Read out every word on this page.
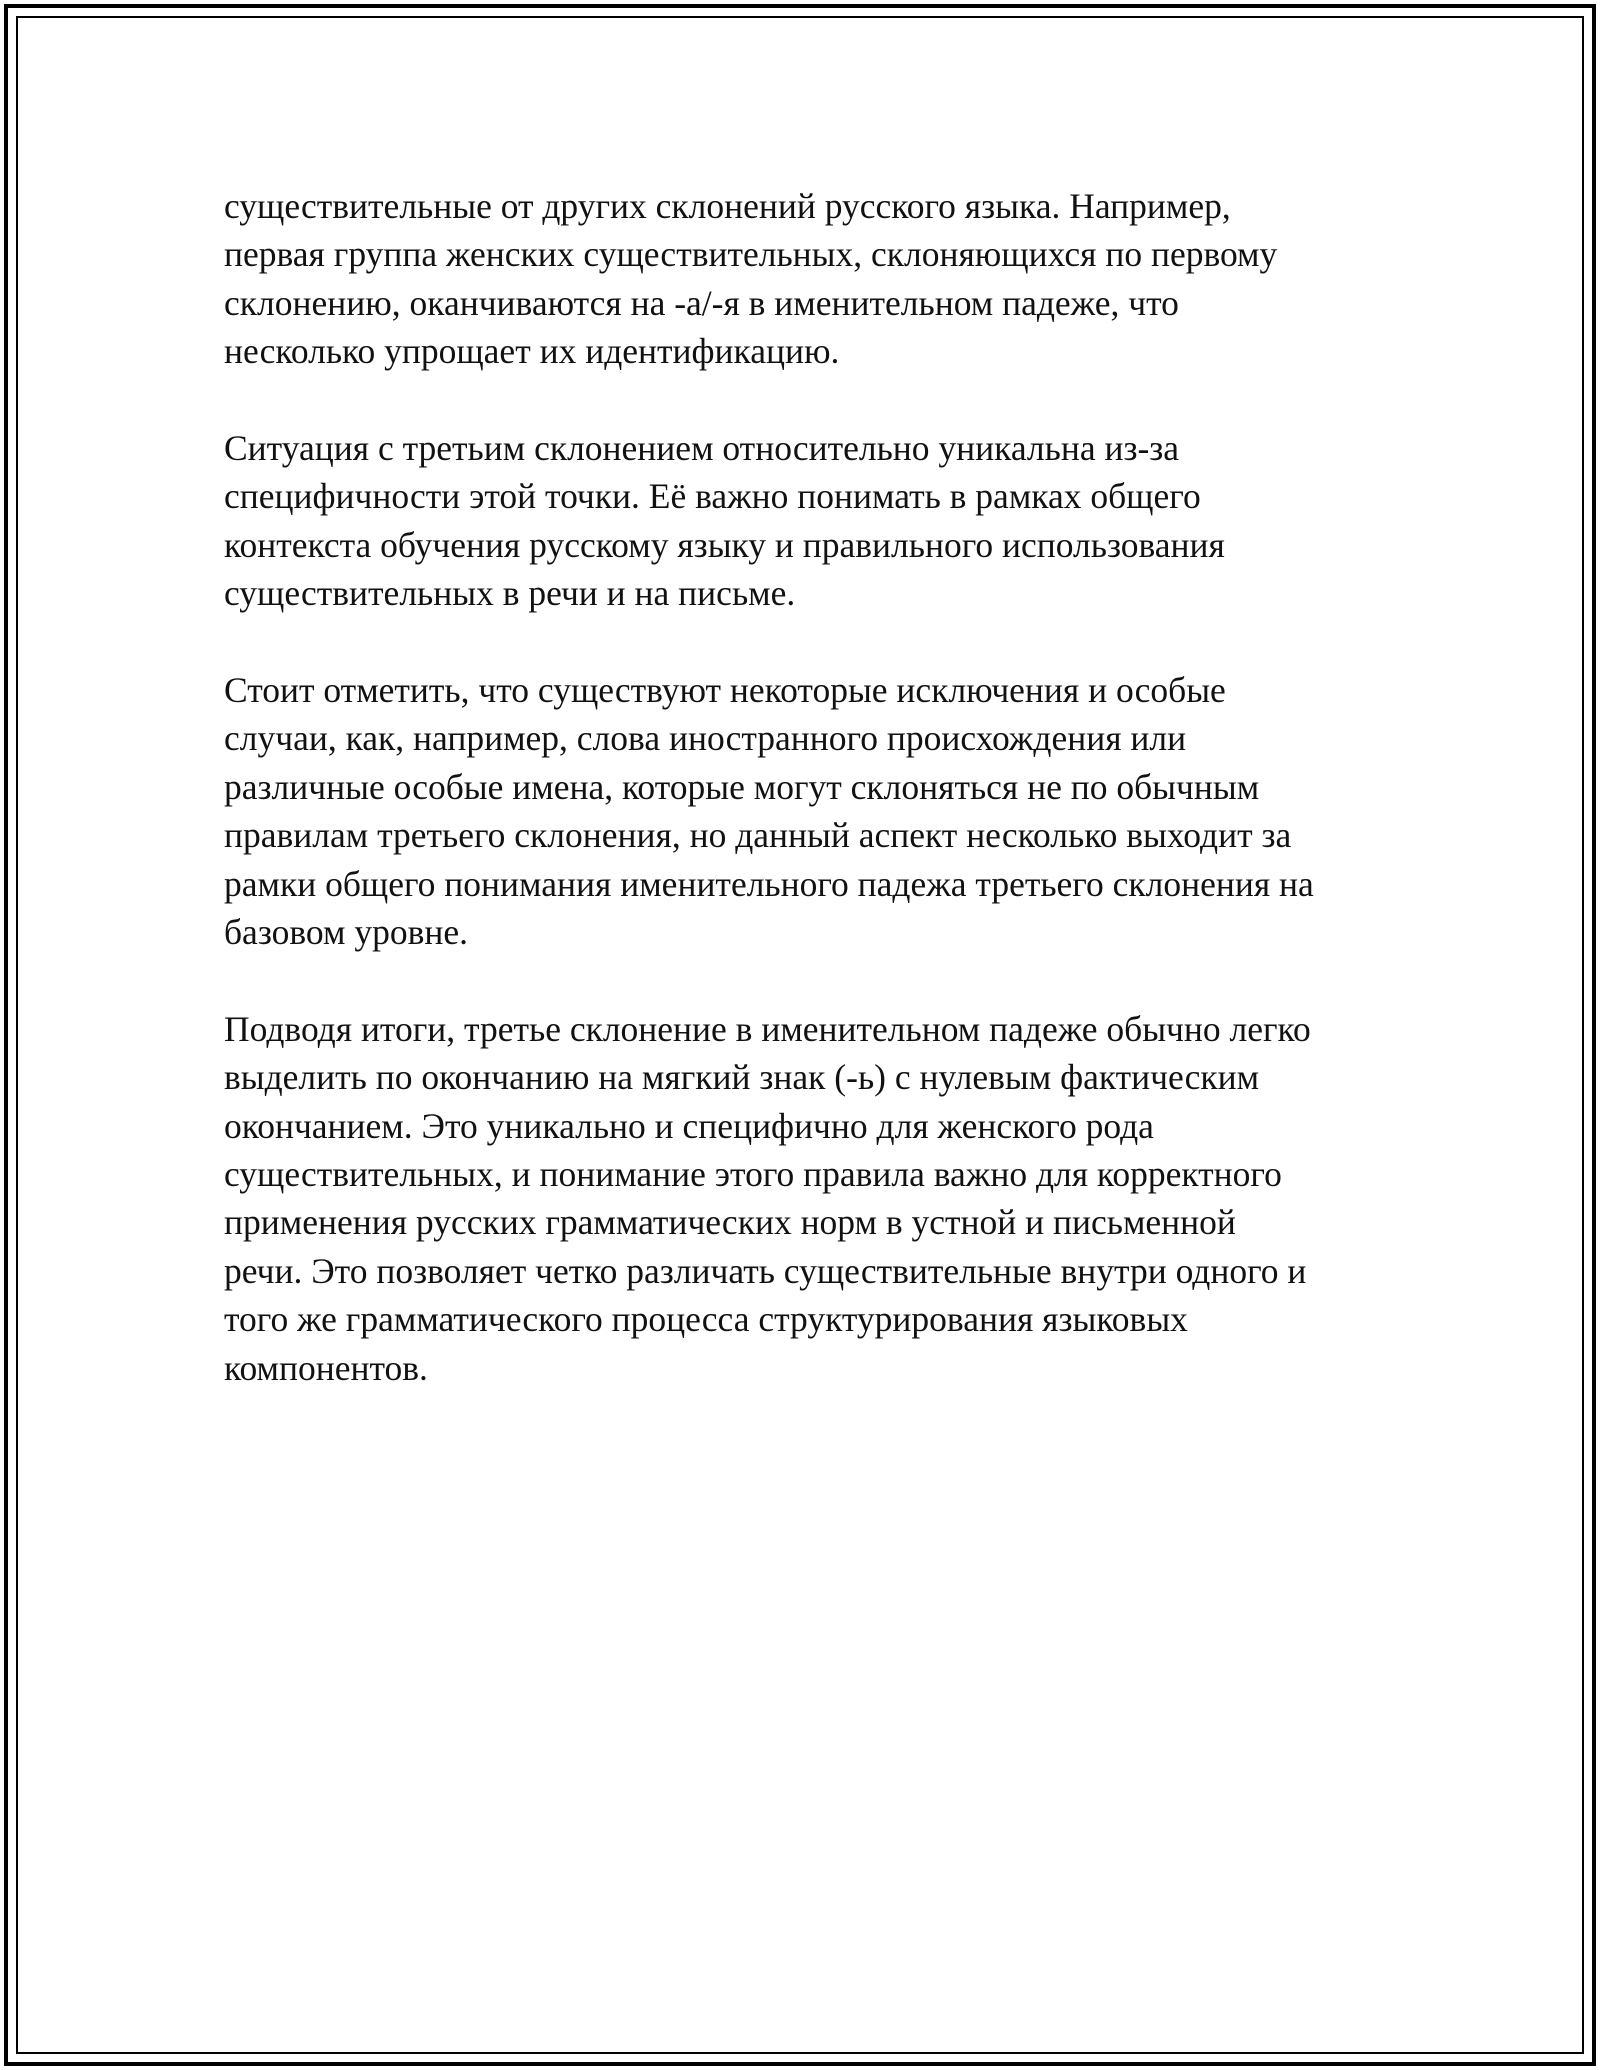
существительные от других склонений русского языка. Например,
первая группа женских существительных, склоняющихся по первому
склонению, оканчиваются на -а/-я в именительном падеже, что
несколько упрощает их идентификацию.

Ситуация с третьим склонением относительно уникальна из-за
специфичности этой точки. Её важно понимать в рамках общего
контекста обучения русскому языку и правильного использования
существительных в речи и на письме.

Стоит отметить, что существуют некоторые исключения и особые
случаи, как, например, слова иностранного происхождения или
различные особые имена, которые могут склоняться не по обычным
правилам третьего склонения, но данный аспект несколько выходит за
рамки общего понимания именительного падежа третьего склонения на
базовом уровне.

Подводя итоги, третье склонение в именительном падеже обычно легко
выделить по окончанию на мягкий знак (-ь) с нулевым фактическим
окончанием. Это уникально и специфично для женского рода
существительных, и понимание этого правила важно для корректного
применения русских грамматических норм в устной и письменной
речи. Это позволяет четко различать существительные внутри одного и
того же грамматического процесса структурирования языковых
компонентов.
